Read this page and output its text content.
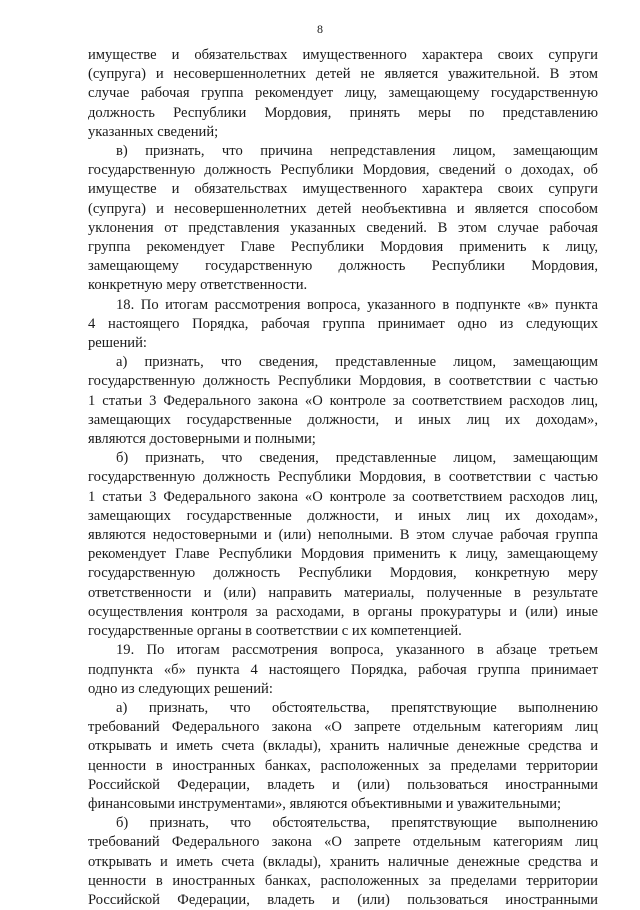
8
имуществе и обязательствах имущественного характера своих супруги
(супруга) и несовершеннолетних детей не является уважительной. В этом
случае рабочая группа рекомендует лицу, замещающему государственную
должность Республики Мордовия, принять меры по представлению
указанных сведений;
в) признать, что причина непредставления лицом, замещающим
государственную должность Республики Мордовия, сведений о доходах, об
имуществе и обязательствах имущественного характера своих супруги
(супруга) и несовершеннолетних детей необъективна и является способом
уклонения от представления указанных сведений. В этом случае рабочая
группа рекомендует Главе Республики Мордовия применить к лицу,
замещающему государственную должность Республики Мордовия,
конкретную меру ответственности.
18. По итогам рассмотрения вопроса, указанного в подпункте «в» пункта
4 настоящего Порядка, рабочая группа принимает одно из следующих
решений:
а) признать, что сведения, представленные лицом, замещающим
государственную должность Республики Мордовия, в соответствии с частью
1 статьи 3 Федерального закона «О контроле за соответствием расходов лиц,
замещающих государственные должности, и иных лиц их доходам»,
являются достоверными и полными;
б) признать, что сведения, представленные лицом, замещающим
государственную должность Республики Мордовия, в соответствии с частью
1 статьи 3 Федерального закона «О контроле за соответствием расходов лиц,
замещающих государственные должности, и иных лиц их доходам»,
являются недостоверными и (или) неполными. В этом случае рабочая группа
рекомендует Главе Республики Мордовия применить к лицу, замещающему
государственную должность Республики Мордовия, конкретную меру
ответственности и (или) направить материалы, полученные в результате
осуществления контроля за расходами, в органы прокуратуры и (или) иные
государственные органы в соответствии с их компетенцией.
19. По итогам рассмотрения вопроса, указанного в абзаце третьем
подпункта «б» пункта 4 настоящего Порядка, рабочая группа принимает
одно из следующих решений:
а) признать, что обстоятельства, препятствующие выполнению
требований Федерального закона «О запрете отдельным категориям лиц
открывать и иметь счета (вклады), хранить наличные денежные средства и
ценности в иностранных банках, расположенных за пределами территории
Российской Федерации, владеть и (или) пользоваться иностранными
финансовыми инструментами», являются объективными и уважительными;
б) признать, что обстоятельства, препятствующие выполнению
требований Федерального закона «О запрете отдельным категориям лиц
открывать и иметь счета (вклады), хранить наличные денежные средства и
ценности в иностранных банках, расположенных за пределами территории
Российской Федерации, владеть и (или) пользоваться иностранными
